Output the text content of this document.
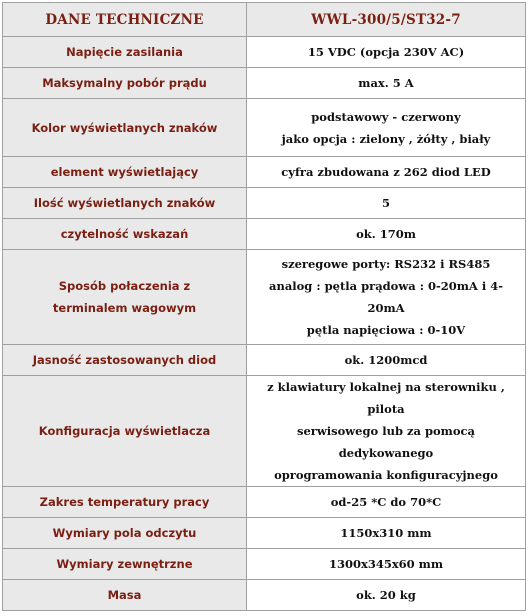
DANE TECHNICZNE	WWL-300/5/ST32-7

Napięcie zasilania	15 VDC (opcja 230V AC)

Maksymalny pobór prądu	max. 5 A

Kolor wyświetlanych znaków	podstawowy - czerwony
jako opcja : zielony , żółty , biały

element wyświetlający	cyfra zbudowana z 262 diod LED

Ilość wyświetlanych znaków	5

czytelność wskazań	ok. 170m

Sposób połaczenia z
terminalem wagowym	szeregowe porty: RS232 i RS485
analog : pętla prądowa : 0-20mA i 4-20mA
pętla napięciowa : 0-10V

Jasność zastosowanych diod	ok. 1200mcd

Konfiguracja wyświetlacza	z klawiatury lokalnej na sterowniku , pilota
serwisowego lub za pomocą dedykowanego
oprogramowania konfiguracyjnego

Zakres temperatury pracy	od-25 *C do 70*C

Wymiary pola odczytu	1150x310 mm

Wymiary zewnętrzne	1300x345x60 mm

Masa	ok. 20 kg
